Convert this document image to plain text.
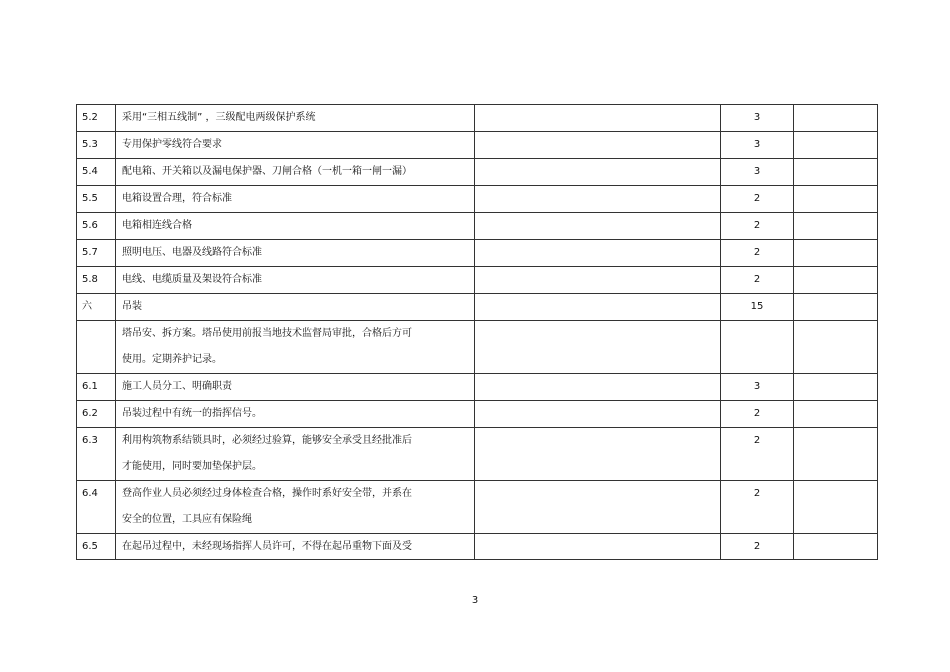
5.2	采用“三相五线制” ，三级配电两级保护系统		3	

5.3	专用保护零线符合要求		3	

5.4	配电箱、开关箱以及漏电保护器、刀闸合格（一机一箱一闸一漏）		3	

5.5	电箱设置合理，符合标准		2	

5.6	电箱相连线合格		2	

5.7	照明电压、电器及线路符合标准		2	

5.8	电线、电缆质量及架设符合标准		2	

六	吊装		15	

	塔吊安、拆方案。塔吊使用前报当地技术监督局审批，合格后方可
使用。定期养护记录。			

6.1	施工人员分工、明确职责		3	

6.2	吊装过程中有统一的指挥信号。		2	

6.3	利用构筑物系结锁具时，必须经过验算，能够安全承受且经批准后
才能使用，同时要加垫保护层。		2	

6.4	登高作业人员必须经过身体检查合格，操作时系好安全带，并系在
安全的位置，工具应有保险绳		2	

6.5	在起吊过程中，未经现场指挥人员许可，不得在起吊重物下面及受		2	

3
